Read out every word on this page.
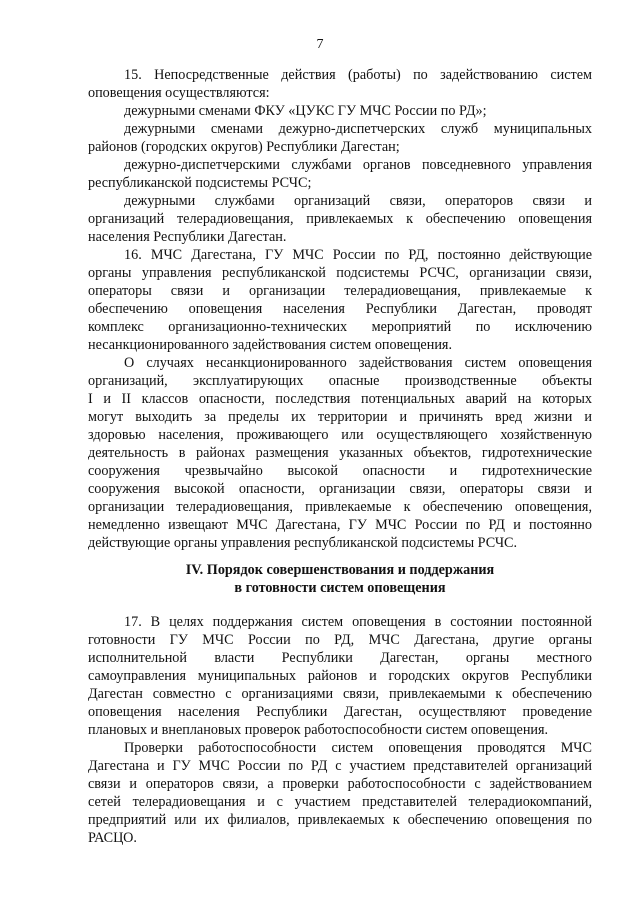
7
15. Непосредственные действия (работы) по задействованию систем
оповещения осуществляются:
дежурными сменами ФКУ «ЦУКС ГУ МЧС России по РД»;
дежурными сменами дежурно-диспетчерских служб муниципальных
районов (городских округов) Республики Дагестан;
дежурно-диспетчерскими службами органов повседневного управления
республиканской подсистемы РСЧС;
дежурными службами организаций связи, операторов связи и
организаций телерадиовещания, привлекаемых к обеспечению оповещения
населения Республики Дагестан.
16. МЧС Дагестана, ГУ МЧС России по РД, постоянно действующие
органы управления республиканской подсистемы РСЧС, организации связи,
операторы связи и организации телерадиовещания, привлекаемые к
обеспечению оповещения населения Республики Дагестан, проводят
комплекс организационно-технических мероприятий по исключению
несанкционированного задействования систем оповещения.
О случаях несанкционированного задействования систем оповещения
организаций, эксплуатирующих опасные производственные объекты
I и II классов опасности, последствия потенциальных аварий на которых
могут выходить за пределы их территории и причинять вред жизни и
здоровью населения, проживающего или осуществляющего хозяйственную
деятельность в районах размещения указанных объектов, гидротехнические
сооружения чрезвычайно высокой опасности и гидротехнические
сооружения высокой опасности, организации связи, операторы связи и
организации телерадиовещания, привлекаемые к обеспечению оповещения,
немедленно извещают МЧС Дагестана, ГУ МЧС России по РД и постоянно
действующие органы управления республиканской подсистемы РСЧС.
IV. Порядок совершенствования и поддержания
в готовности систем оповещения
17. В целях поддержания систем оповещения в состоянии постоянной
готовности ГУ МЧС России по РД, МЧС Дагестана, другие органы
исполнительной власти Республики Дагестан, органы местного
самоуправления муниципальных районов и городских округов Республики
Дагестан совместно с организациями связи, привлекаемыми к обеспечению
оповещения населения Республики Дагестан, осуществляют проведение
плановых и внеплановых проверок работоспособности систем оповещения.
Проверки работоспособности систем оповещения проводятся МЧС
Дагестана и ГУ МЧС России по РД с участием представителей организаций
связи и операторов связи, а проверки работоспособности с задействованием
сетей телерадиовещания и с участием представителей телерадиокомпаний,
предприятий или их филиалов, привлекаемых к обеспечению оповещения по
РАСЦО.
